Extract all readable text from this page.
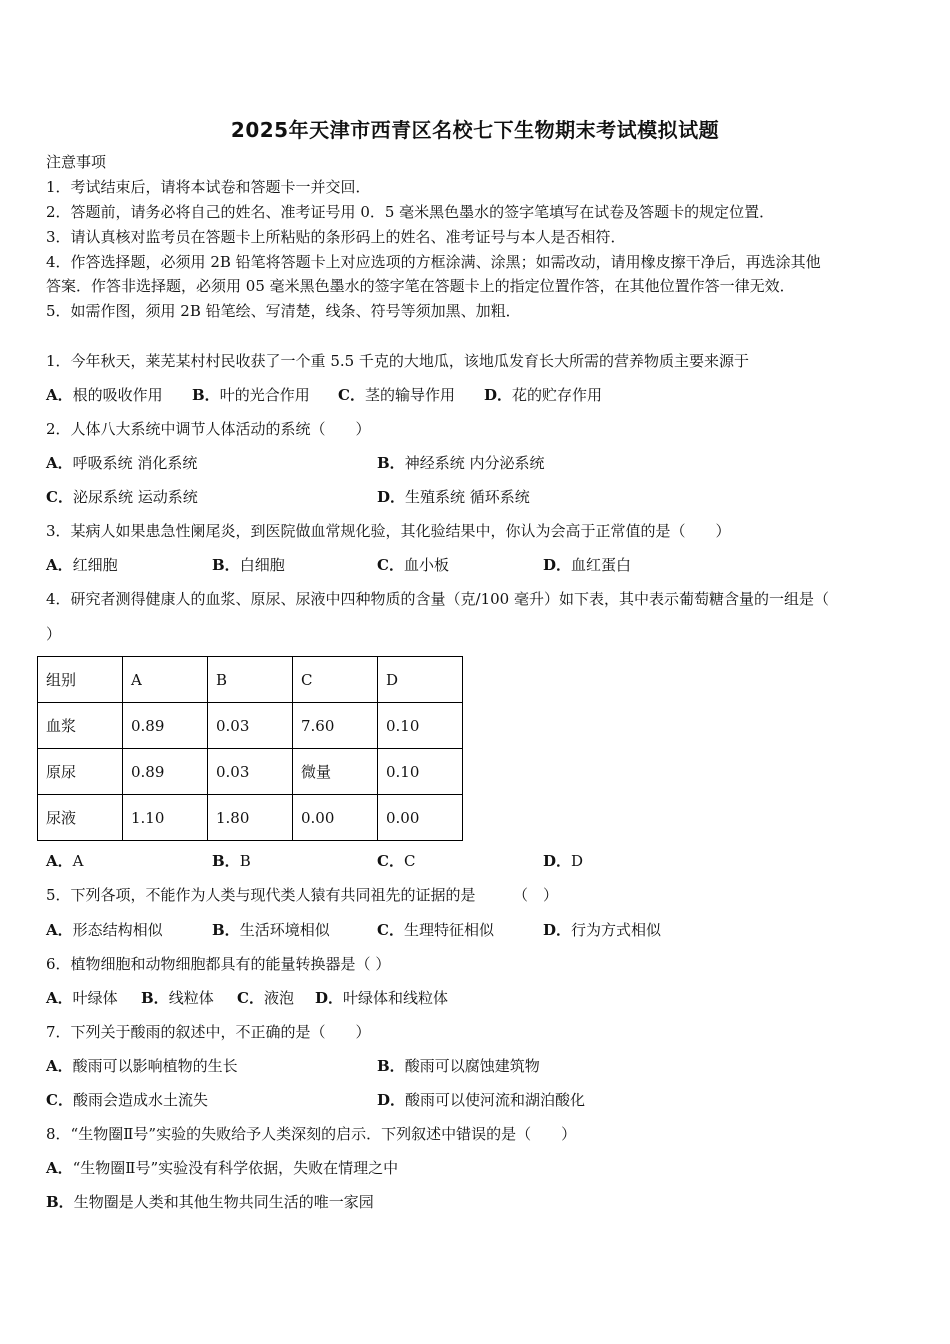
2025年天津市西青区名校七下生物期末考试模拟试题
注意事项
1．考试结束后，请将本试卷和答题卡一并交回．
2．答题前，请务必将自己的姓名、准考证号用 0．5 毫米黑色墨水的签字笔填写在试卷及答题卡的规定位置．
3．请认真核对监考员在答题卡上所粘贴的条形码上的姓名、准考证号与本人是否相符．
4．作答选择题，必须用 2B 铅笔将答题卡上对应选项的方框涂满、涂黑；如需改动，请用橡皮擦干净后，再选涂其他
答案．作答非选择题，必须用 05 毫米黑色墨水的签字笔在答题卡上的指定位置作答，在其他位置作答一律无效．
5．如需作图，须用 2B 铅笔绘、写清楚，线条、符号等须加黑、加粗．
1．今年秋天，莱芜某村村民收获了一个重 5.5 千克的大地瓜，该地瓜发育长大所需的营养物质主要来源于
A．根的吸收作用 B．叶的光合作用 C．茎的输导作用 D．花的贮存作用
2．人体八大系统中调节人体活动的系统（　　）
A．呼吸系统 消化系统	B．神经系统 内分泌系统
C．泌尿系统 运动系统	D．生殖系统 循环系统
3．某病人如果患急性阑尾炎，到医院做血常规化验，其化验结果中，你认为会高于正常值的是（　　）
A．红细胞	B．白细胞	C．血小板	D．血红蛋白
4．研究者测得健康人的血浆、原尿、尿液中四种物质的含量（克/100 毫升）如下表，其中表示葡萄糖含量的一组是（
）
组别	A	B	C	D
血浆	0.89	0.03	7.60	0.10
原尿	0.89	0.03	微量	0.10
尿液	1.10	1.80	0.00	0.00
A．A	B．B	C．C	D．D
5．下列各项，不能作为人类与现代类人猿有共同祖先的证据的是　　　（　）
A．形态结构相似	B．生活环境相似	C．生理特征相似	D．行为方式相似
6．植物细胞和动物细胞都具有的能量转换器是（ ）
A．叶绿体 B．线粒体 C．液泡 D．叶绿体和线粒体
7．下列关于酸雨的叙述中，不正确的是（　　）
A．酸雨可以影响植物的生长	B．酸雨可以腐蚀建筑物
C．酸雨会造成水土流失	D．酸雨可以使河流和湖泊酸化
8．“生物圈Ⅱ号”实验的失败给予人类深刻的启示．下列叙述中错误的是（　　）
A．“生物圈Ⅱ号”实验没有科学依据，失败在情理之中
B．生物圈是人类和其他生物共同生活的唯一家园
